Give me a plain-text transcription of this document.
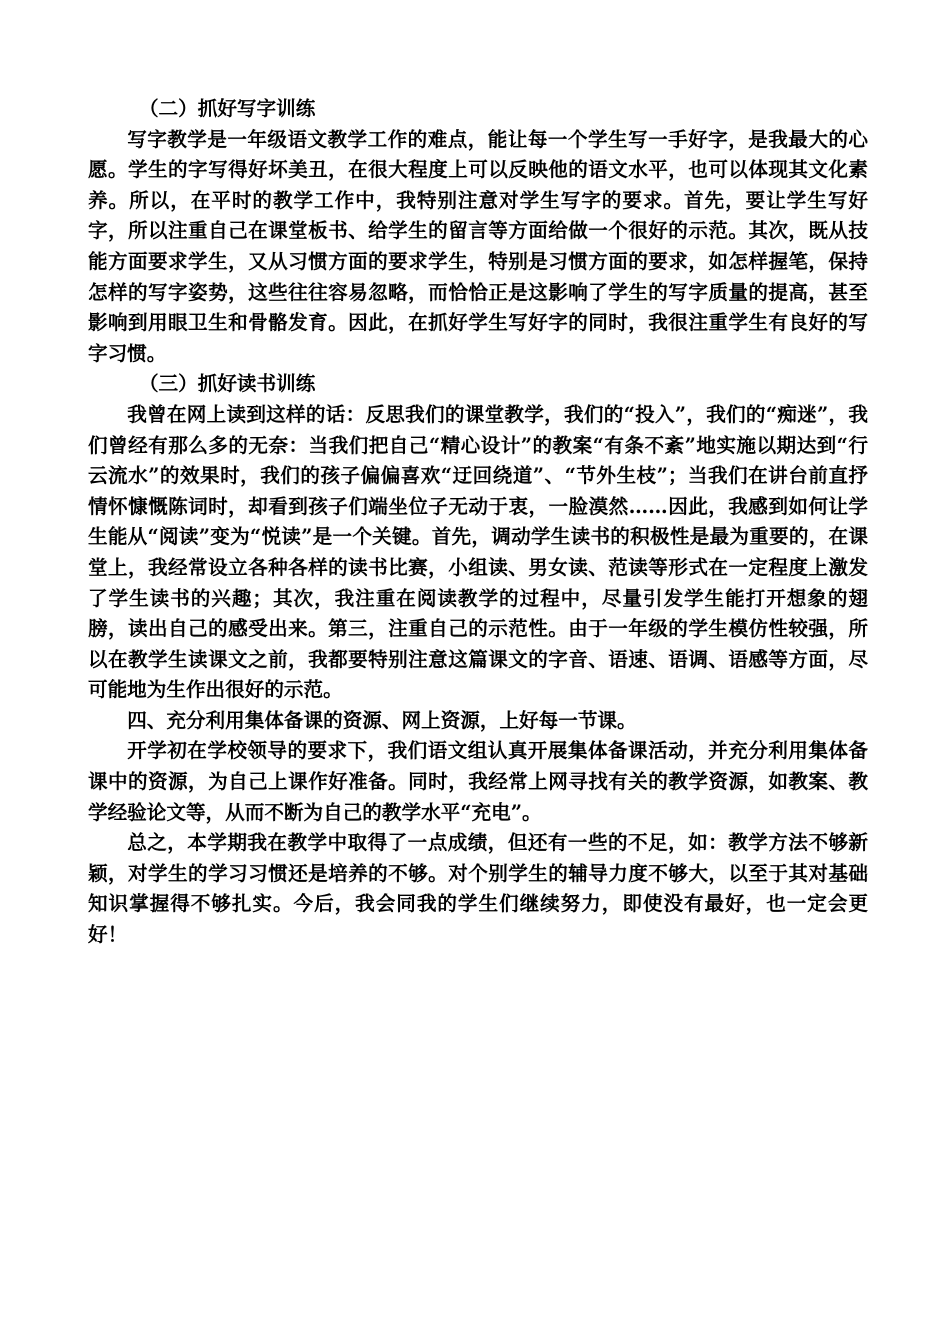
（二）抓好写字训练

写字教学是一年级语文教学工作的难点，能让每一个学生写一手好字，是我最大的心愿。学生的字写得好坏美丑，在很大程度上可以反映他的语文水平，也可以体现其文化素养。所以，在平时的教学工作中，我特别注意对学生写字的要求。首先，要让学生写好字，所以注重自己在课堂板书、给学生的留言等方面给做一个很好的示范。其次，既从技能方面要求学生，又从习惯方面的要求学生，特别是习惯方面的要求，如怎样握笔，保持怎样的写字姿势，这些往往容易忽略，而恰恰正是这影响了学生的写字质量的提高，甚至影响到用眼卫生和骨骼发育。因此，在抓好学生写好字的同时，我很注重学生有良好的写字习惯。

（三）抓好读书训练

我曾在网上读到这样的话：反思我们的课堂教学，我们的“投入”，我们的“痴迷”，我们曾经有那么多的无奈：当我们把自己“精心设计”的教案“有条不紊”地实施以期达到“行云流水”的效果时，我们的孩子偏偏喜欢“迂回绕道”、“节外生枝”；当我们在讲台前直抒情怀慷慨陈词时，却看到孩子们端坐位子无动于衷，一脸漠然……因此，我感到如何让学生能从“阅读”变为“悦读”是一个关键。首先，调动学生读书的积极性是最为重要的，在课堂上，我经常设立各种各样的读书比赛，小组读、男女读、范读等形式在一定程度上激发了学生读书的兴趣；其次，我注重在阅读教学的过程中，尽量引发学生能打开想象的翅膀，读出自己的感受出来。第三，注重自己的示范性。由于一年级的学生模仿性较强，所以在教学生读课文之前，我都要特别注意这篇课文的字音、语速、语调、语感等方面，尽可能地为生作出很好的示范。

四、充分利用集体备课的资源、网上资源，上好每一节课。

开学初在学校领导的要求下，我们语文组认真开展集体备课活动，并充分利用集体备课中的资源，为自己上课作好准备。同时，我经常上网寻找有关的教学资源，如教案、教学经验论文等，从而不断为自己的教学水平“充电”。

总之，本学期我在教学中取得了一点成绩，但还有一些的不足，如：教学方法不够新颖，对学生的学习习惯还是培养的不够。对个别学生的辅导力度不够大，以至于其对基础知识掌握得不够扎实。今后，我会同我的学生们继续努力，即使没有最好，也一定会更好！
